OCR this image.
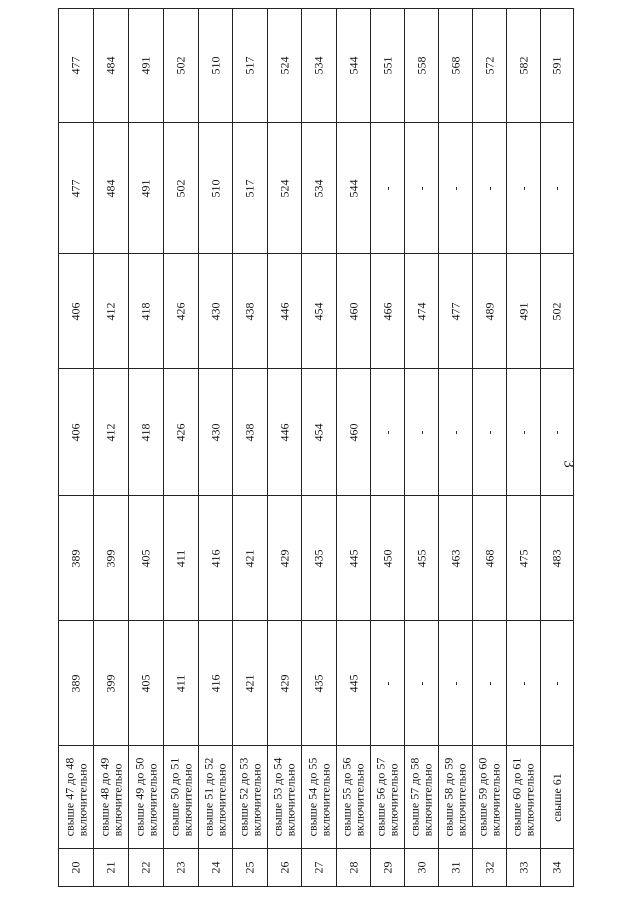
3
20
свыше 47 до 48
включительно
389
389
406
406
477
477
21
свыше 48 до 49
включительно
399
399
412
412
484
484
22
свыше 49 до 50
включительно
405
405
418
418
491
491
23
свыше 50 до 51
включительно
411
411
426
426
502
502
24
свыше 51 до 52
включительно
416
416
430
430
510
510
25
свыше 52 до 53
включительно
421
421
438
438
517
517
26
свыше 53 до 54
включительно
429
429
446
446
524
524
27
свыше 54 до 55
включительно
435
435
454
454
534
534
28
свыше 55 до 56
включительно
445
445
460
460
544
544
29
свыше 56 до 57
включительно
-
450
-
466
-
551
30
свыше 57 до 58
включительно
-
455
-
474
-
558
31
свыше 58 до 59
включительно
-
463
-
477
-
568
32
свыше 59 до 60
включительно
-
468
-
489
-
572
33
свыше 60 до 61
включительно
-
475
-
491
-
582
34
свыше 61
-
483
-
502
-
591
